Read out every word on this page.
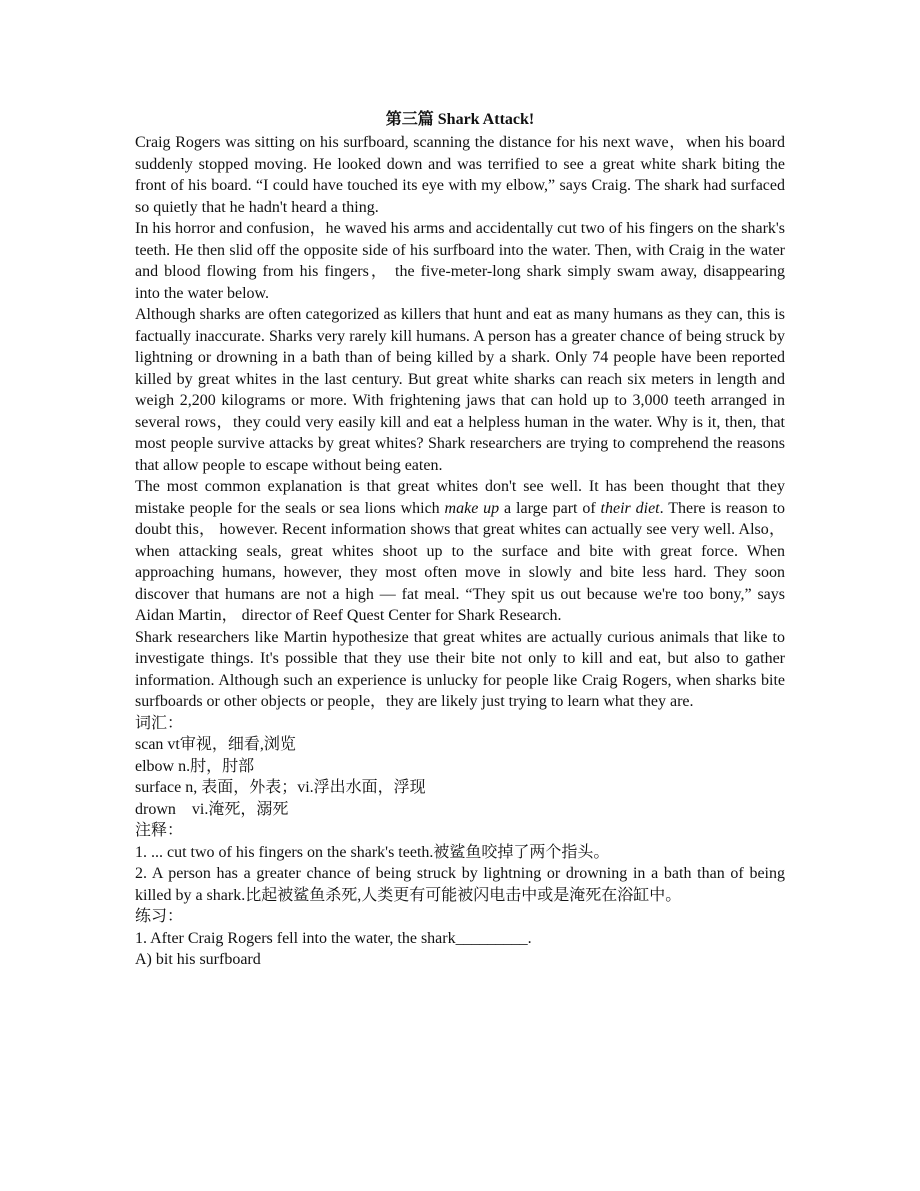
第三篇 Shark Attack!

Craig Rogers was sitting on his surfboard, scanning the distance for his next wave，when his board suddenly stopped moving. He looked down and was terrified to see a great white shark biting the front of his board. “I could have touched its eye with my elbow,” says Craig. The shark had surfaced so quietly that he hadn't heard a thing.

In his horror and confusion，he waved his arms and accidentally cut two of his fingers on the shark's teeth. He then slid off the opposite side of his surfboard into the water. Then, with Craig in the water and blood flowing from his fingers， the five-meter-long shark simply swam away, disappearing into the water below.

Although sharks are often categorized as killers that hunt and eat as many humans as they can, this is factually inaccurate. Sharks very rarely kill humans. A person has a greater chance of being struck by lightning or drowning in a bath than of being killed by a shark. Only 74 people have been reported killed by great whites in the last century. But great white sharks can reach six meters in length and weigh 2,200 kilograms or more. With frightening jaws that can hold up to 3,000 teeth arranged in several rows，they could very easily kill and eat a helpless human in the water. Why is it, then, that most people survive attacks by great whites? Shark researchers are trying to comprehend the reasons that allow people to escape without being eaten.

The most common explanation is that great whites don't see well. It has been thought that they mistake people for the seals or sea lions which make up a large part of their diet. There is reason to doubt this， however. Recent information shows that great whites can actually see very well. Also， when attacking seals, great whites shoot up to the surface and bite with great force. When approaching humans, however, they most often move in slowly and bite less hard. They soon discover that humans are not a high — fat meal. “They spit us out because we're too bony,” says Aidan Martin， director of Reef Quest Center for Shark Research.

Shark researchers like Martin hypothesize that great whites are actually curious animals that like to investigate things. It's possible that they use their bite not only to kill and eat, but also to gather information. Although such an experience is unlucky for people like Craig Rogers, when sharks bite surfboards or other objects or people，they are likely just trying to learn what they are.

词汇：

scan vt审视，细看,浏览

elbow n.肘，肘部

surface n, 表面，外表；vi.浮出水面，浮现

drown    vi.淹死，溺死

注释：

1. ... cut two of his fingers on the shark's teeth.被鲨鱼咬掉了两个指头。

2. A person has a greater chance of being struck by lightning or drowning in a bath than of being killed by a shark.比起被鲨鱼杀死,人类更有可能被闪电击中或是淹死在浴缸中。

练习：

1. After Craig Rogers fell into the water, the shark_________.

A) bit his surfboard
